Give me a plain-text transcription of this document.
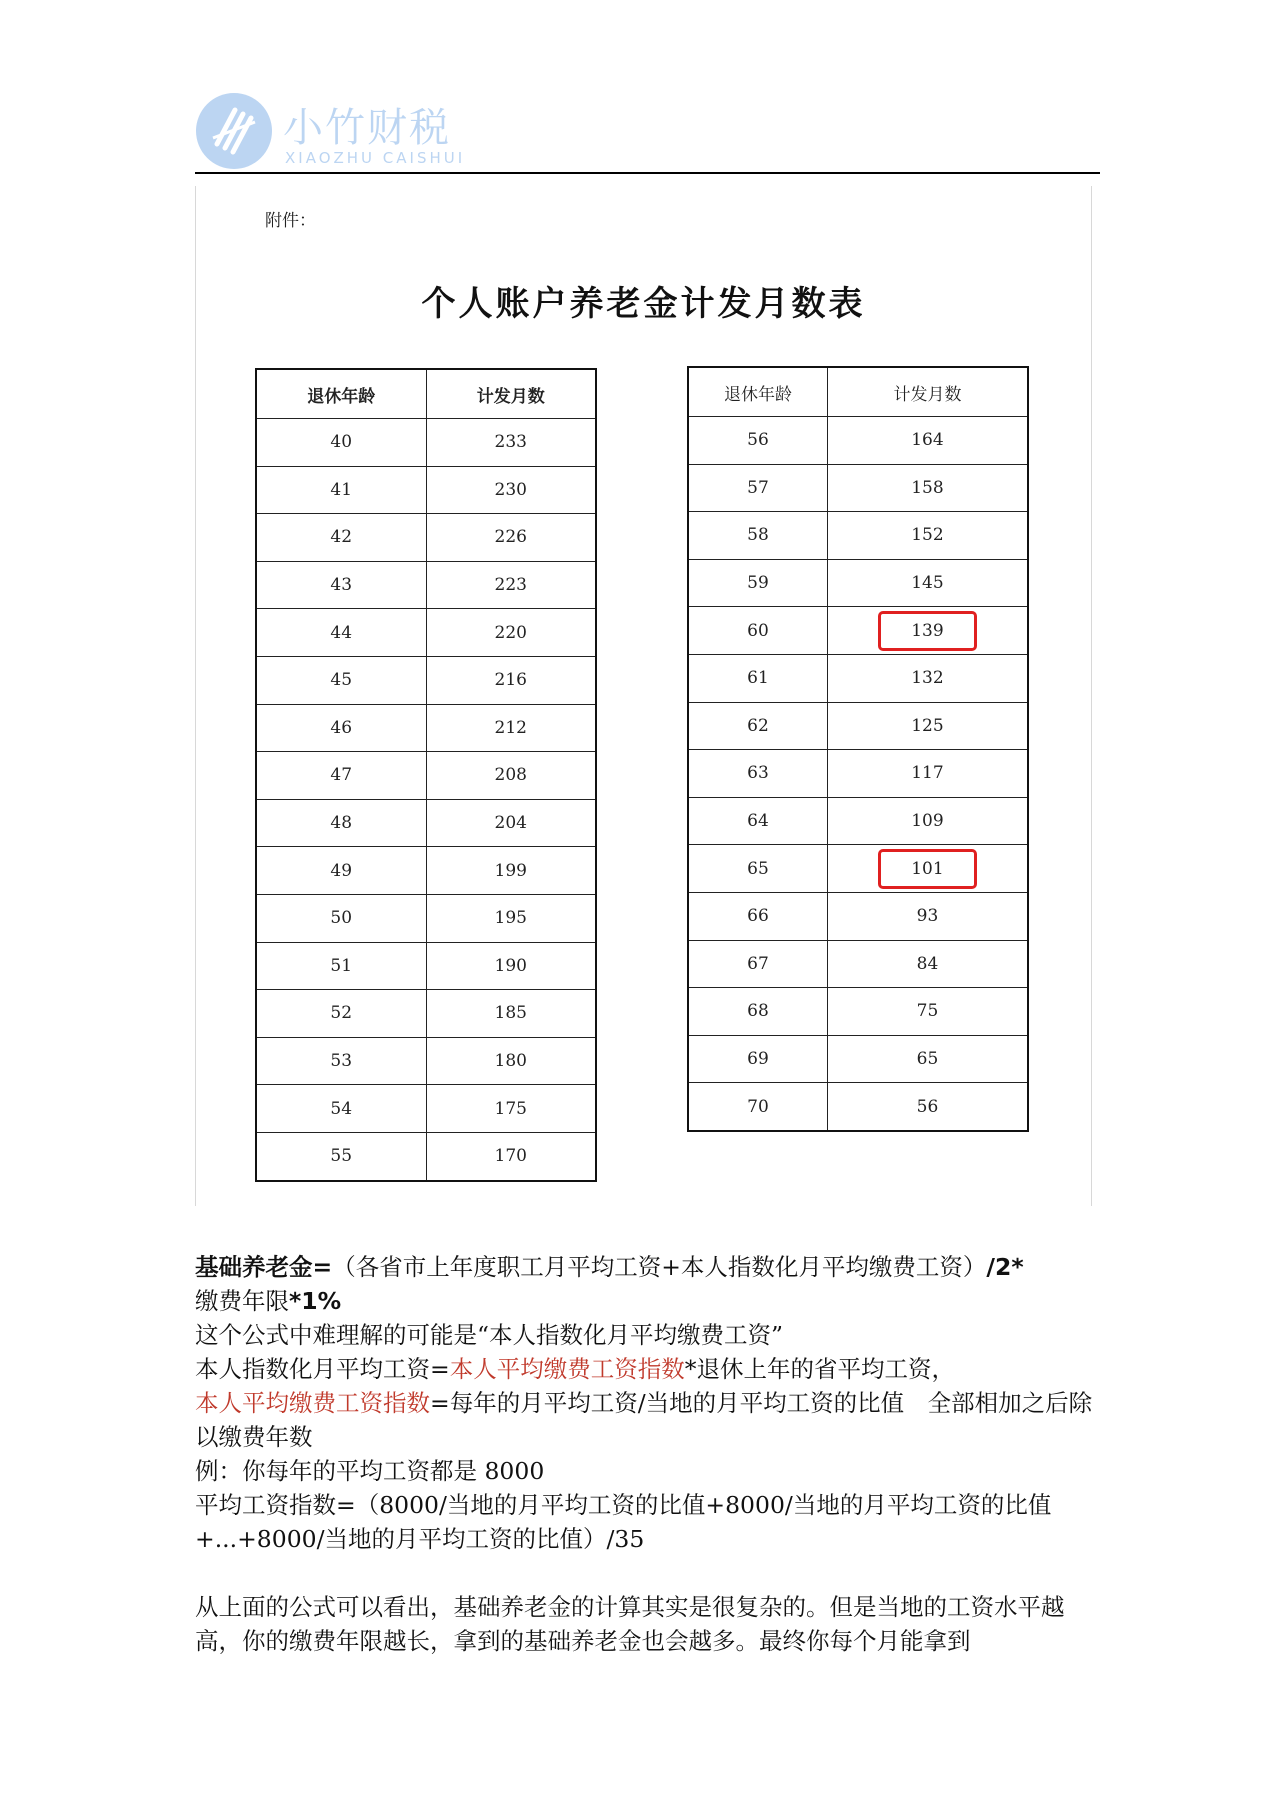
小竹财税
XIAOZHU CAISHUI
附件：
个人账户养老金计发月数表
退休年龄	计发月数
40	233
41	230
42	226
43	223
44	220
45	216
46	212
47	208
48	204
49	199
50	195
51	190
52	185
53	180
54	175
55	170
退休年龄	计发月数
56	164
57	158
58	152
59	145
60	139
61	132
62	125
63	117
64	109
65	101
66	93
67	84
68	75
69	65
70	56

基础养老金=（各省市上年度职工月平均工资+本人指数化月平均缴费工资）/2*
缴费年限*1%

这个公式中难理解的可能是“本人指数化月平均缴费工资”

本人指数化月平均工资=本人平均缴费工资指数*退休上年的省平均工资，

本人平均缴费工资指数=每年的月平均工资/当地的月平均工资的比值　全部相加之后除以缴费年数

例：你每年的平均工资都是 8000

平均工资指数=（8000/当地的月平均工资的比值+8000/当地的月平均工资的比值+...+8000/当地的月平均工资的比值）/35

从上面的公式可以看出，基础养老金的计算其实是很复杂的。但是当地的工资水平越高，你的缴费年限越长，拿到的基础养老金也会越多。最终你每个月能拿到
